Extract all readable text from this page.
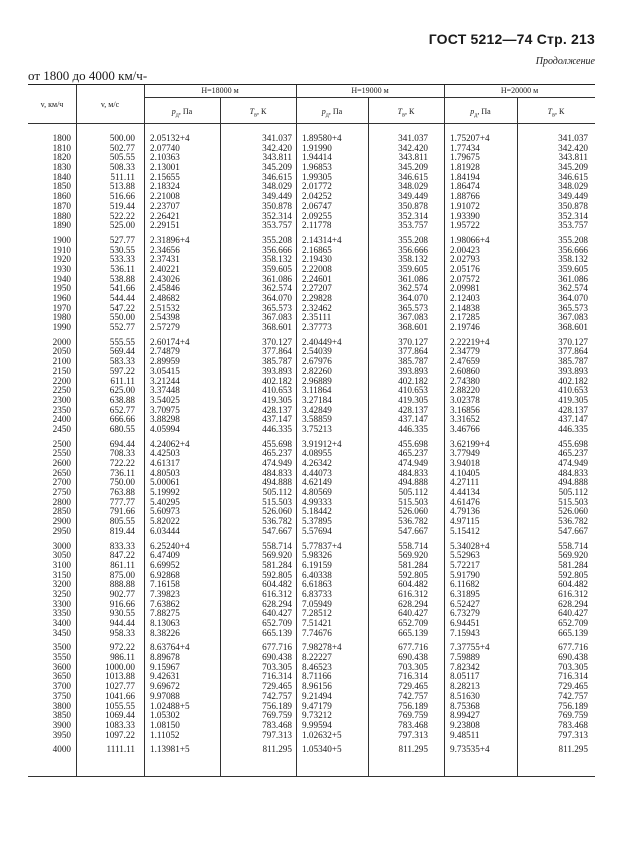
ГОСТ 5212—74 Стр. 213
Продолжение
от 1800 до 4000 км/ч-
H=18000 м	H=19000 м	H=20000 м
v, км/ч	v, м/с
$p_д$, Па	$T_в$, К	$p_д$, Па	$T_в$, К	$p_д$, Па	$T_в$, К
1800	500.00 2.05132+4	341.037 1.89580+4	341.037 1.75207+4	341.037
1810	502.77 2.07740	342.420 1.91990	342.420 1.77434	342.420
1820	505.55 2.10363	343.811 1.94414	343.811 1.79675	343.811
1830	508.33 2.13001	345.209 1.96853	345.209 1.81928	345.209
1840	511.11 2.15655	346.615 1.99305	346.615 1.84194	346.615
1850	513.88 2.18324	348.029 2.01772	348.029 1.86474	348.029
1860	516.66 2.21008	349.449 2.04252	349.449 1.88766	349.449
1870	519.44 2.23707	350.878 2.06747	350.878 1.91072	350.878
1880	522.22 2.26421	352.314 2.09255	352.314 1.93390	352.314
1890	525.00 2.29151	353.757 2.11778	353.757 1.95722	353.757
1900	527.77 2.31896+4	355.208 2.14314+4	355.208 1.98066+4	355.208
1910	530.55 2.34656	356.666 2.16865	356.666 2.00423	356.666
1920	533.33 2.37431	358.132 2.19430	358.132 2.02793	358.132
1930	536.11 2.40221	359.605 2.22008	359.605 2.05176	359.605
1940	538.88 2.43026	361.086 2.24601	361.086 2.07572	361.086
1950	541.66 2.45846	362.574 2.27207	362.574 2.09981	362.574
1960	544.44 2.48682	364.070 2.29828	364.070 2.12403	364.070
1970	547.22 2.51532	365.573 2.32462	365.573 2.14838	365.573
1980	550.00 2.54398	367.083 2.35111	367.083 2.17285	367.083
1990	552.77 2.57279	368.601 2.37773	368.601 2.19746	368.601
2000	555.55 2.60174+4	370.127 2.40449+4	370.127 2.22219+4	370.127
2050	569.44 2.74879	377.864 2.54039	377.864 2.34779	377.864
2100	583.33 2.89959	385.787 2.67976	385.787 2.47659	385.787
2150	597.22 3.05415	393.893 2.82260	393.893 2.60860	393.893
2200	611.11 3.21244	402.182 2.96889	402.182 2.74380	402.182
2250	625.00 3.37448	410.653 3.11864	410.653 2.88220	410.653
2300	638.88 3.54025	419.305 3.27184	419.305 3.02378	419.305
2350	652.77 3.70975	428.137 3.42849	428.137 3.16856	428.137
2400	666.66 3.88298	437.147 3.58859	437.147 3.31652	437.147
2450	680.55 4.05994	446.335 3.75213	446.335 3.46766	446.335
2500	694.44 4.24062+4	455.698 3.91912+4	455.698 3.62199+4	455.698
2550	708.33 4.42503	465.237 4.08955	465.237 3.77949	465.237
2600	722.22 4.61317	474.949 4.26342	474.949 3.94018	474.949
2650	736.11 4.80503	484.833 4.44073	484.833 4.10405	484.833
2700	750.00 5.00061	494.888 4.62149	494.888 4.27111	494.888
2750	763.88 5.19992	505.112 4.80569	505.112 4.44134	505.112
2800	777.77 5.40295	515.503 4.99333	515.503 4.61476	515.503
2850	791.66 5.60973	526.060 5.18442	526.060 4.79136	526.060
2900	805.55 5.82022	536.782 5.37895	536.782 4.97115	536.782
2950	819.44 6.03444	547.667 5.57694	547.667 5.15412	547.667
3000	833.33 6.25240+4	558.714 5.77837+4	558.714 5.34028+4	558.714
3050	847.22 6.47409	569.920 5.98326	569.920 5.52963	569.920
3100	861.11 6.69952	581.284 6.19159	581.284 5.72217	581.284
3150	875.00 6.92868	592.805 6.40338	592.805 5.91790	592.805
3200	888.88 7.16158	604.482 6.61863	604.482 6.11682	604.482
3250	902.77 7.39823	616.312 6.83733	616.312 6.31895	616.312
3300	916.66 7.63862	628.294 7.05949	628.294 6.52427	628.294
3350	930.55 7.88275	640.427 7.28512	640.427 6.73279	640.427
3400	944.44 8.13063	652.709 7.51421	652.709 6.94451	652.709
3450	958.33 8.38226	665.139 7.74676	665.139 7.15943	665.139
3500	972.22 8.63764+4	677.716 7.98278+4	677.716 7.37755+4	677.716
3550	986.11 8.89678	690.438 8.22227	690.438 7.59889	690.438
3600	1000.00 9.15967	703.305 8.46523	703.305 7.82342	703.305
3650	1013.88 9.42631	716.314 8.71166	716.314 8.05117	716.314
3700	1027.77 9.69672	729.465 8.96156	729.465 8.28213	729.465
3750	1041.66 9.97088	742.757 9.21494	742.757 8.51630	742.757
3800	1055.55 1.02488+5	756.189 9.47179	756.189 8.75368	756.189
3850	1069.44 1.05302	769.759 9.73212	769.759 8.99427	769.759
3900	1083.33 1.08150	783.468 9.99594	783.468 9.23808	783.468
3950	1097.22 1.11052	797.313 1.02632+5	797.313 9.48511	797.313
4000	1111.11 1.13981+5	811.295 1.05340+5	811.295 9.73535+4	811.295
